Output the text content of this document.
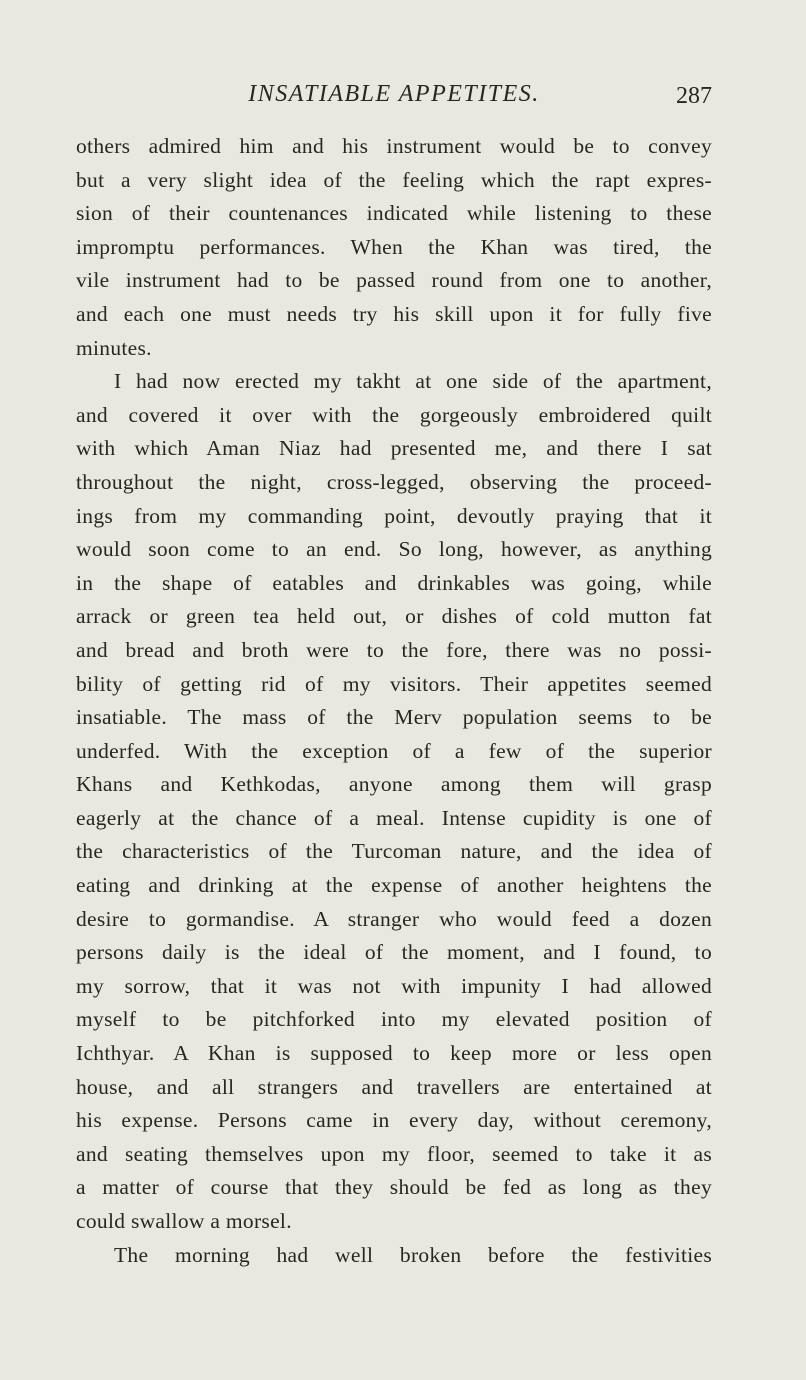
INSATIABLE APPETITES.	287
others admired him and his instrument would be to convey
but a very slight idea of the feeling which the rapt expres-
sion of their countenances indicated while listening to these
impromptu performances. When the Khan was tired, the
vile instrument had to be passed round from one to another,
and each one must needs try his skill upon it for fully five
minutes.
I had now erected my takht at one side of the apartment,
and covered it over with the gorgeously embroidered quilt
with which Aman Niaz had presented me, and there I sat
throughout the night, cross-legged, observing the proceed-
ings from my commanding point, devoutly praying that it
would soon come to an end. So long, however, as anything
in the shape of eatables and drinkables was going, while
arrack or green tea held out, or dishes of cold mutton fat
and bread and broth were to the fore, there was no possi-
bility of getting rid of my visitors. Their appetites seemed
insatiable. The mass of the Merv population seems to be
underfed. With the exception of a few of the superior
Khans and Kethkodas, anyone among them will grasp
eagerly at the chance of a meal. Intense cupidity is one of
the characteristics of the Turcoman nature, and the idea of
eating and drinking at the expense of another heightens the
desire to gormandise. A stranger who would feed a dozen
persons daily is the ideal of the moment, and I found, to
my sorrow, that it was not with impunity I had allowed
myself to be pitchforked into my elevated position of
Ichthyar. A Khan is supposed to keep more or less open
house, and all strangers and travellers are entertained at
his expense. Persons came in every day, without ceremony,
and seating themselves upon my floor, seemed to take it as
a matter of course that they should be fed as long as they
could swallow a morsel.
The morning had well broken before the festivities
